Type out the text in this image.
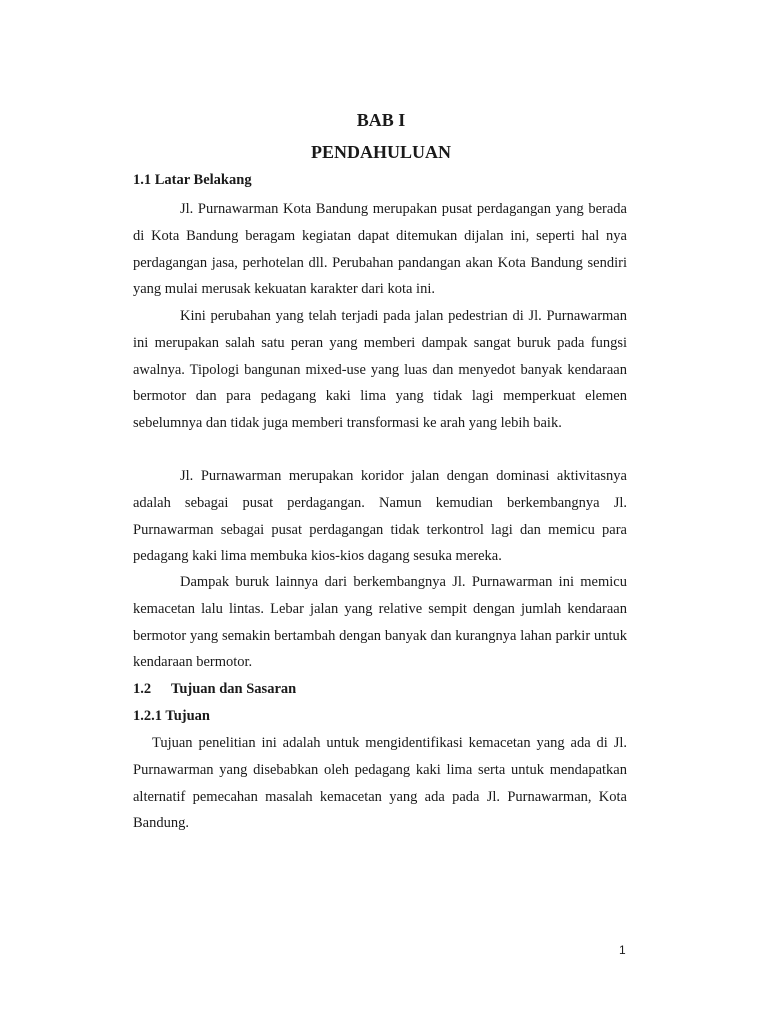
BAB I

PENDAHULUAN

1.1 Latar Belakang

Jl. Purnawarman Kota Bandung merupakan pusat perdagangan yang berada di Kota Bandung beragam kegiatan dapat ditemukan dijalan ini, seperti hal nya perdagangan jasa, perhotelan dll. Perubahan pandangan akan Kota Bandung sendiri yang mulai merusak kekuatan karakter dari kota ini.

Kini perubahan yang telah terjadi pada jalan pedestrian di Jl. Purnawarman ini merupakan salah satu peran yang memberi dampak sangat buruk pada fungsi awalnya. Tipologi bangunan mixed-use yang luas dan menyedot banyak kendaraan bermotor dan para pedagang kaki lima yang tidak lagi memperkuat elemen sebelumnya dan tidak juga memberi transformasi ke arah yang lebih baik.

Jl. Purnawarman merupakan koridor jalan dengan dominasi aktivitasnya adalah sebagai pusat perdagangan. Namun kemudian berkembangnya Jl. Purnawarman sebagai pusat perdagangan tidak terkontrol lagi dan memicu para pedagang kaki lima membuka kios-kios dagang sesuka mereka.

Dampak buruk lainnya dari berkembangnya Jl. Purnawarman ini memicu kemacetan lalu lintas. Lebar jalan yang relative sempit dengan jumlah kendaraan bermotor yang semakin bertambah dengan banyak dan kurangnya lahan parkir untuk kendaraan bermotor.

1.2 Tujuan dan Sasaran

1.2.1 Tujuan

Tujuan penelitian ini adalah untuk mengidentifikasi kemacetan yang ada di Jl. Purnawarman yang disebabkan oleh pedagang kaki lima serta untuk mendapatkan alternatif pemecahan masalah kemacetan yang ada pada Jl. Purnawarman, Kota Bandung.

1
